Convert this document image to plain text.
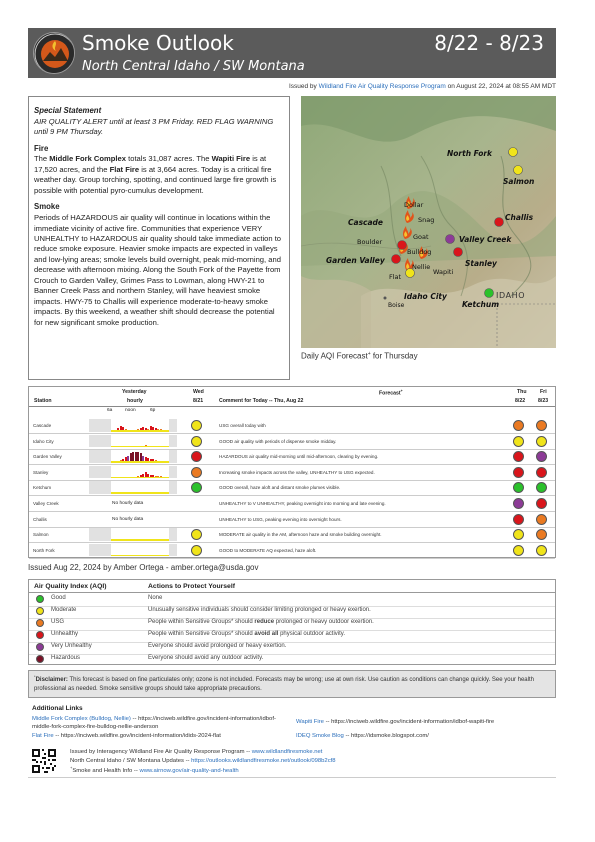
Smoke Outlook
North Central Idaho / SW Montana
8/22 - 8/23
Issued by Wildland Fire Air Quality Response Program on August 22, 2024 at 08:55 AM MDT
Special Statement

AIR QUALITY ALERT until at least 3 PM Friday. RED FLAG WARNING until 9 PM Thursday.

Fire

The Middle Fork Complex totals 31,087 acres. The Wapiti Fire is at 17,520 acres, and the Flat Fire is at 3,664 acres. Today is a critical fire weather day. Group torching, spotting, and continued large fire growth is possible with potential pyro-cumulus development.

Smoke

Periods of HAZARDOUS air quality will continue in locations within the immediate vicinity of active fire. Communities that experience VERY UNHEALTHY to HAZARDOUS air quality should take immediate action to reduce smoke exposure. Heavier smoke impacts are expected in valleys and low-lying areas; smoke levels build overnight, peak mid-morning, and decrease with afternoon mixing. Along the South Fork of the Payette from Crouch to Garden Valley, Grimes Pass to Lowman, along HWY-21 to Banner Creek Pass and northern Stanley, will have heaviest smoke impacts. HWY-75 to Challis will experience moderate-to-heavy smoke impacts. By this weekend, a weather shift should decrease the potential for new significant smoke production.

North Fork
Salmon
Challis
Dollar
Snag
Cascade
Goat
Boulder
Bulldog
Valley Creek
Garden Valley
Nellie
Wapiti
Stanley
Flat
Idaho City
Boise
IDAHO
Ketchum
Daily AQI Forecast+ for Thursday
Yesterday
hourly
Station
Wed
8/21
Forecast+
Comment for Today -- Thu, Aug 22
Thu
8/22
Fri
8/23
6a	noon	6p
Cascade	USG overall today with
Idaho City	GOOD air quality with periods of dispense smoke midday.
Garden Valley	HAZARDOUS air quality mid-morning until mid-afternoon, clearing by evening.
Stanley	Increasing smoke impacts across the valley, UNHEALTHY to USG expected.
Ketchum	GOOD overall, haze aloft and distant smoke plumes visible.
Valley Creek	No hourly data	UNHEALTHY to V UNHEALTHY, peaking overnight into morning and late evening.
Challis	No hourly data	UNHEALTHY to USG, peaking evening into overnight hours.
Salmon	MODERATE air quality in the AM, afternoon haze and smoke building overnight.
North Fork	GOOD to MODERATE AQ expected, haze aloft.
Issued Aug 22, 2024 by Amber Ortega - amber.ortega@usda.gov
Air Quality Index (AQI)	Actions to Protect Yourself
Good	None
Moderate	Unusually sensitive individuals should consider limiting prolonged or heavy exertion.
USG	People within Sensitive Groups* should reduce prolonged or heavy outdoor exertion.
Unhealthy	People within Sensitive Groups* should avoid all physical outdoor activity.
Very Unhealthy	Everyone should avoid prolonged or heavy exertion.
Hazardous	Everyone should avoid any outdoor activity.
*Disclaimer: This forecast is based on fine particulates only; ozone is not included. Forecasts may be wrong; use at own risk. Use caution as conditions can change quickly. See your health professional as needed. Smoke sensitive groups should take appropriate precautions.
Additional Links
Middle Fork Complex (Bulldog, Nellie) -- https://inciweb.wildfire.gov/incident-information/idbof-middle-fork-complex-fire-bulldog-nellie-anderson
Flat Fire -- https://inciweb.wildfire.gov/incident-information/idids-2024-flat
Wapiti Fire -- https://inciweb.wildfire.gov/incident-information/idbof-wapiti-fire
IDEQ Smoke Blog -- https://idsmoke.blogspot.com/
Issued by Interagency Wildland Fire Air Quality Response Program -- www.wildlandfiresmoke.net
North Central Idaho / SW Montana Updates -- https://outlooks.wildlandfiresmoke.net/outlook/098b2cf8
+Smoke and Health Info -- www.airnow.gov/air-quality-and-health
